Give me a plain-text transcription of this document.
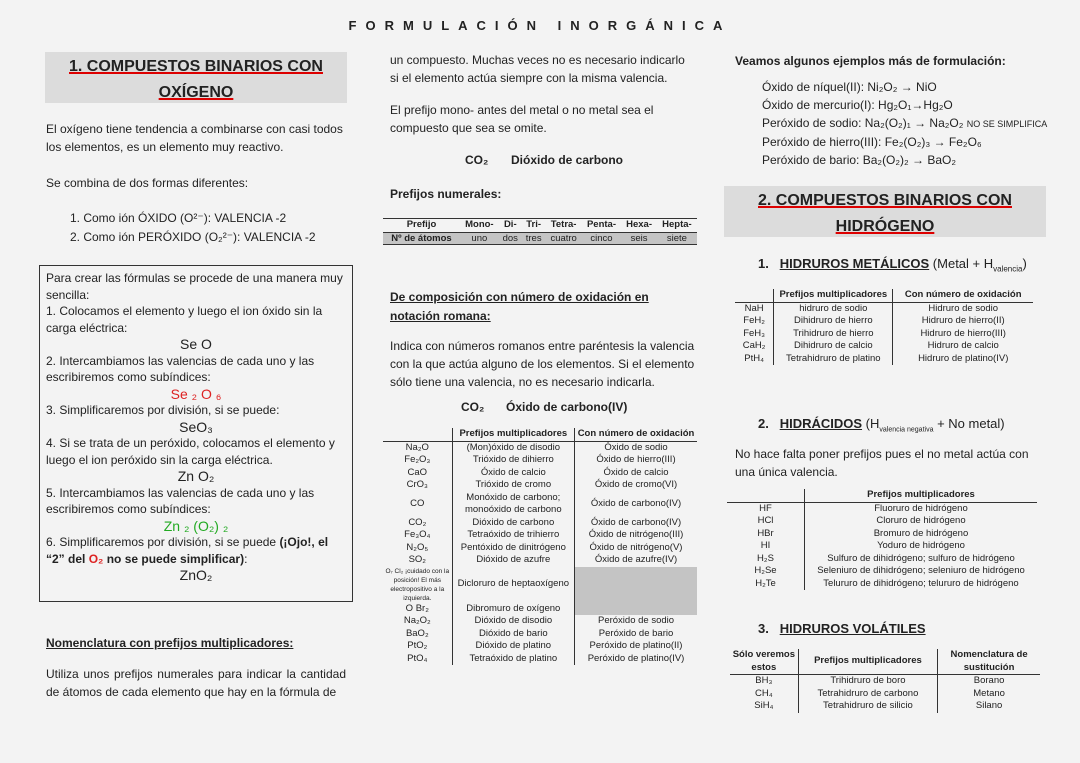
FORMULACIÓN INORGÁNICA
1. COMPUESTOS BINARIOS CON OXÍGENO

El oxígeno tiene tendencia a combinarse con casi todos los elementos, es un elemento muy reactivo.

Se combina de dos formas diferentes:

1. Como ión ÓXIDO (O²⁻): VALENCIA -2

2. Como ión PERÓXIDO (O₂²⁻): VALENCIA -2

Para crear las fórmulas se procede de una manera muy sencilla:
1. Colocamos el elemento y luego el ion óxido sin la carga eléctrica:
Se O
2. Intercambiamos las valencias de cada uno y las escribiremos como subíndices:
Se ₂ O ₆
3. Simplificaremos por división, si se puede:
SeO₃
4. Si se trata de un peróxido, colocamos el elemento y luego el ion peróxido sin la carga eléctrica.
Zn O₂
5. Intercambiamos las valencias de cada uno y las escribiremos como subíndices:
Zn ₂ (O₂) ₂
6. Simplificaremos por división, si se puede (¡Ojo!, el “2” del O₂ no se puede simplificar):
ZnO₂

Nomenclatura con prefijos multiplicadores:

Utiliza unos prefijos numerales para indicar la cantidad de átomos de cada elemento que hay en la fórmula de

un compuesto. Muchas veces no es necesario indicarlo si el elemento actúa siempre con la misma valencia.

El prefijo mono- antes del metal o no metal sea el compuesto que sea se omite.

CO₂ Dióxido de carbono

Prefijos numerales:

Prefijo	Mono-	Di-	Tri-	Tetra-	Penta-	Hexa-	Hepta-
Nº de átomos	uno	dos	tres	cuatro	cinco	seis	siete

De composición con número de oxidación en notación romana:

Indica con números romanos entre paréntesis la valencia con la que actúa alguno de los elementos. Si el elemento sólo tiene una valencia, no es necesario indicarla.

CO₂ Óxido de carbono(IV)

	Prefijos multiplicadores	Con número de oxidación
Na₂O	(Mon)óxido de disodio	Óxido de sodio
Fe₂O₃	Trióxido de dihierro	Óxido de hierro(III)
CaO	Óxido de calcio	Óxido de calcio
CrO₃	Trióxido de cromo	Óxido de cromo(VI)
CO	Monóxido de carbono; monoóxido de carbono	Óxido de carbono(IV)
CO₂	Dióxido de carbono	Óxido de carbono(IV)
Fe₃O₄	Tetraóxido de trihierro	Óxido de nitrógeno(III)
N₂O₅	Pentóxido de dinitrógeno	Óxido de nitrógeno(V)
SO₂	Dióxido de azufre	Óxido de azufre(IV)
O₇ Cl₂ ¡cuidado con la posición! El más electropositivo a la izquierda.	Dicloruro de heptaoxígeno	
O Br₂	Dibromuro de oxígeno	
Na₂O₂	Dióxido de disodio	Peróxido de sodio
BaO₂	Dióxido de bario	Peróxido de bario
PtO₂	Dióxido de platino	Peróxido de platino(II)
PtO₄	Tetraóxido de platino	Peróxido de platino(IV)

Veamos algunos ejemplos más de formulación:

Óxido de níquel(II): Ni₂O₂ → NiO
Óxido de mercurio(I): Hg₂O₁→Hg₂O
Peróxido de sodio: Na₂(O₂)₁ → Na₂O₂ NO SE SIMPLIFICA
Peróxido de hierro(III): Fe₂(O₂)₃ → Fe₂O₆
Peróxido de bario: Ba₂(O₂)₂ → BaO₂
2. COMPUESTOS BINARIOS CON HIDRÓGENO
1. HIDRUROS METÁLICOS (Metal + $H_{valencia}$)
	Prefijos multiplicadores	Con número de oxidación
NaH	hidruro de sodio	Hidruro de sodio
FeH₂	Dihidruro de hierro	Hidruro de hierro(II)
FeH₃	Trihidruro de hierro	Hidruro de hierro(III)
CaH₂	Dihidruro de calcio	Hidruro de calcio
PtH₄	Tetrahidruro de platino	Hidruro de platino(IV)
2. HIDRÁCIDOS ($H_{valencia negativa} + No$ metal)

No hace falta poner prefijos pues el no metal actúa con una única valencia.

	Prefijos multiplicadores
HF	Fluoruro de hidrógeno
HCl	Cloruro de hidrógeno
HBr	Bromuro de hidrógeno
HI	Yoduro de hidrógeno
H₂S	Sulfuro de dihidrógeno; sulfuro de hidrógeno
H₂Se	Seleniuro de dihidrógeno; seleniuro de hidrógeno
H₂Te	Telururo de dihidrógeno; telururo de hidrógeno
3. HIDRUROS VOLÁTILES
Sólo veremos estos	Prefijos multiplicadores	Nomenclatura de sustitución
BH₃	Trihidruro de boro	Borano
CH₄	Tetrahidruro de carbono	Metano
SiH₄	Tetrahidruro de silicio	Silano
